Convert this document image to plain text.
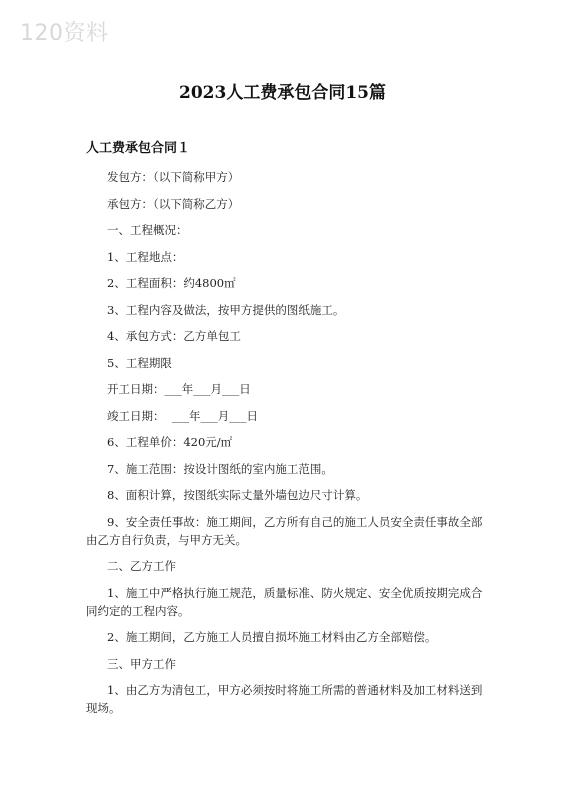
120资料
2023人工费承包合同15篇
人工费承包合同１

发包方：（以下简称甲方）

承包方：（以下简称乙方）

一、工程概况：

1、工程地点：

2、工程面积：约4800㎡

3、工程内容及做法，按甲方提供的图纸施工。

4、承包方式：乙方单包工

5、工程期限

开工日期：___年___月___日

竣工日期：  ___年___月___日

6、工程单价：420元/㎡

7、施工范围：按设计图纸的室内施工范围。

8、面积计算，按图纸实际丈量外墙包边尺寸计算。

9、安全责任事故：施工期间，乙方所有自己的施工人员安全责任事故全部由乙方自行负责，与甲方无关。

二、乙方工作

1、施工中严格执行施工规范，质量标准、防火规定、安全优质按期完成合同约定的工程内容。

2、施工期间，乙方施工人员擅自损坏施工材料由乙方全部赔偿。

三、甲方工作

1、由乙方为清包工，甲方必须按时将施工所需的普通材料及加工材料送到现场。
